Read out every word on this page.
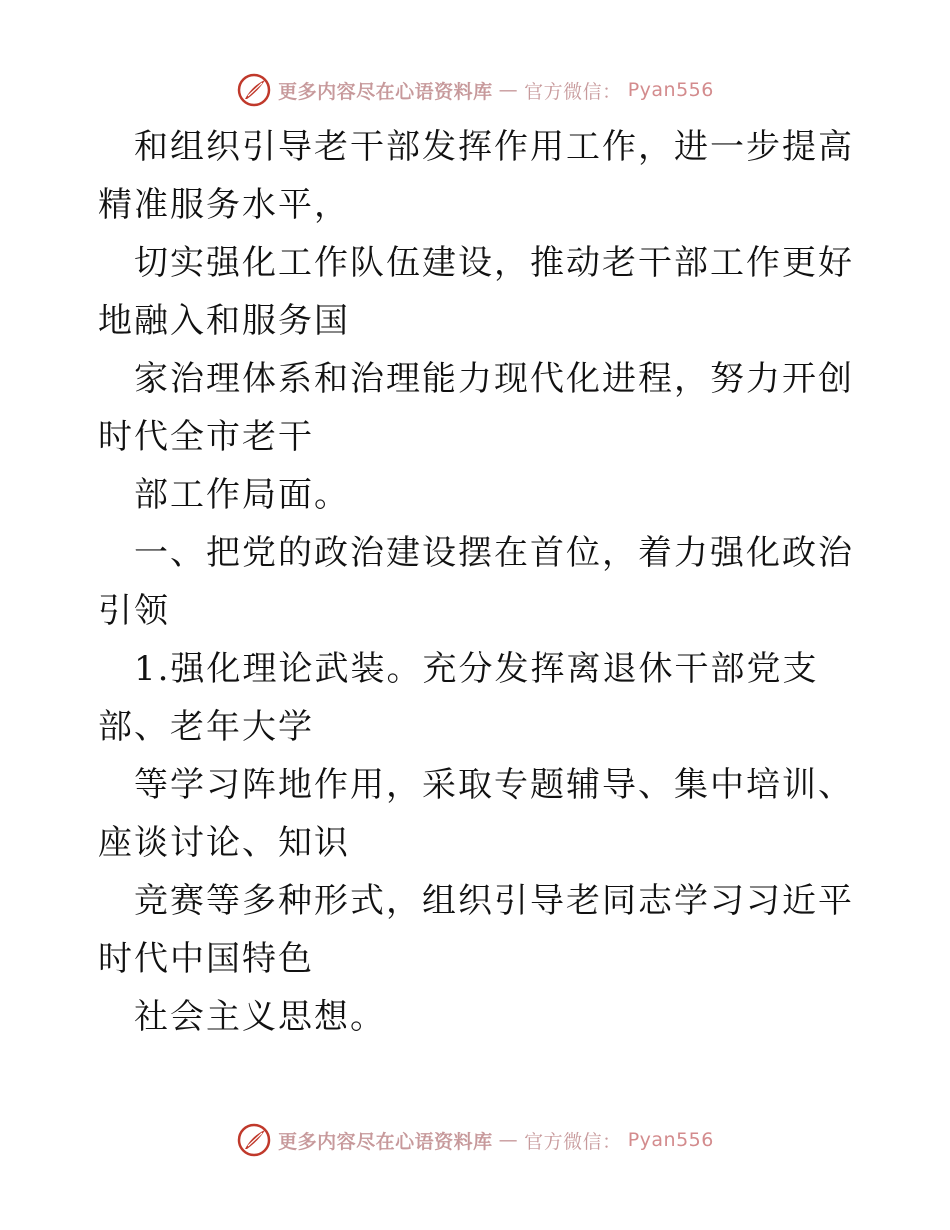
更多内容尽在心语资料库 — 官方微信： Pyan556

和组织引导老干部发挥作用工作，进一步提高精准服务水平，

切实强化工作队伍建设，推动老干部工作更好地融入和服务国

家治理体系和治理能力现代化进程，努力开创时代全市老干

部工作局面。

一、把党的政治建设摆在首位，着力强化政治引领

1.强化理论武装。充分发挥离退休干部党支部、老年大学

等学习阵地作用，采取专题辅导、集中培训、座谈讨论、知识

竞赛等多种形式，组织引导老同志学习习近平时代中国特色

社会主义思想。

更多内容尽在心语资料库 — 官方微信： Pyan556
